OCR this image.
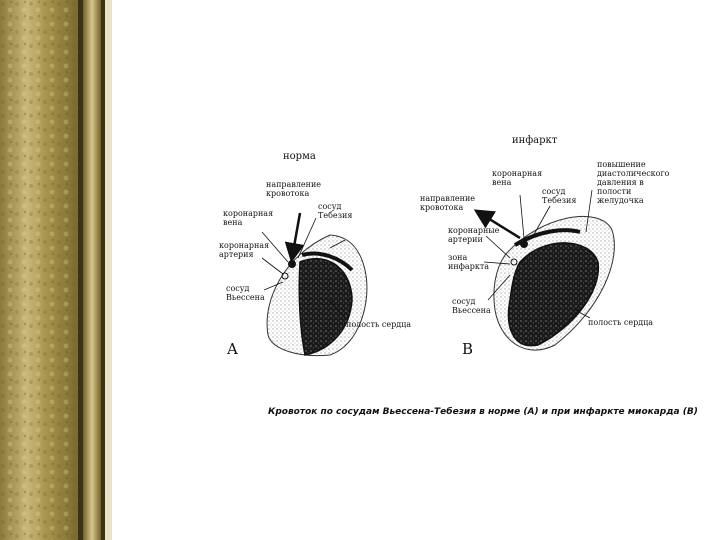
норма
направление кровотока
сосуд Тебезия
коронарная вена
коронарная артерия
сосуд Вьессена
полость сердца
A
инфаркт
коронарная вена
сосуд Тебезия
повышение диастолического давления в полости желудочка
направление кровотока
коронарные артерии
зона инфаркта
сосуд Вьессена
полость сердца
B
Кровоток по сосудам Вьессена-Тебезия в норме (A) и при инфаркте миокарда (B)
